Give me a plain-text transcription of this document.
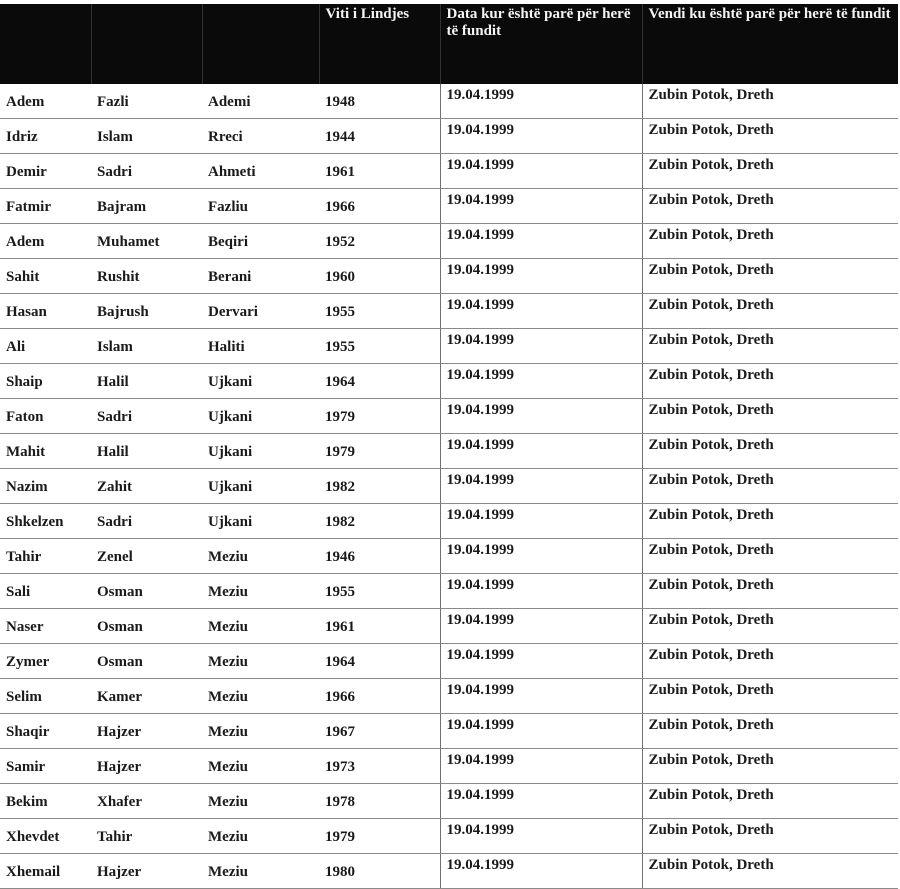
			Viti i Lindjes	Data kur është parë për herë të fundit	Vendi ku është parë për herë të fundit
Adem	Fazli	Ademi	1948	19.04.1999	Zubin Potok, Dreth
Idriz	Islam	Rreci	1944	19.04.1999	Zubin Potok, Dreth
Demir	Sadri	Ahmeti	1961	19.04.1999	Zubin Potok, Dreth
Fatmir	Bajram	Fazliu	1966	19.04.1999	Zubin Potok, Dreth
Adem	Muhamet	Beqiri	1952	19.04.1999	Zubin Potok, Dreth
Sahit	Rushit	Berani	1960	19.04.1999	Zubin Potok, Dreth
Hasan	Bajrush	Dervari	1955	19.04.1999	Zubin Potok, Dreth
Ali	Islam	Haliti	1955	19.04.1999	Zubin Potok, Dreth
Shaip	Halil	Ujkani	1964	19.04.1999	Zubin Potok, Dreth
Faton	Sadri	Ujkani	1979	19.04.1999	Zubin Potok, Dreth
Mahit	Halil	Ujkani	1979	19.04.1999	Zubin Potok, Dreth
Nazim	Zahit	Ujkani	1982	19.04.1999	Zubin Potok, Dreth
Shkelzen	Sadri	Ujkani	1982	19.04.1999	Zubin Potok, Dreth
Tahir	Zenel	Meziu	1946	19.04.1999	Zubin Potok, Dreth
Sali	Osman	Meziu	1955	19.04.1999	Zubin Potok, Dreth
Naser	Osman	Meziu	1961	19.04.1999	Zubin Potok, Dreth
Zymer	Osman	Meziu	1964	19.04.1999	Zubin Potok, Dreth
Selim	Kamer	Meziu	1966	19.04.1999	Zubin Potok, Dreth
Shaqir	Hajzer	Meziu	1967	19.04.1999	Zubin Potok, Dreth
Samir	Hajzer	Meziu	1973	19.04.1999	Zubin Potok, Dreth
Bekim	Xhafer	Meziu	1978	19.04.1999	Zubin Potok, Dreth
Xhevdet	Tahir	Meziu	1979	19.04.1999	Zubin Potok, Dreth
Xhemail	Hajzer	Meziu	1980	19.04.1999	Zubin Potok, Dreth
